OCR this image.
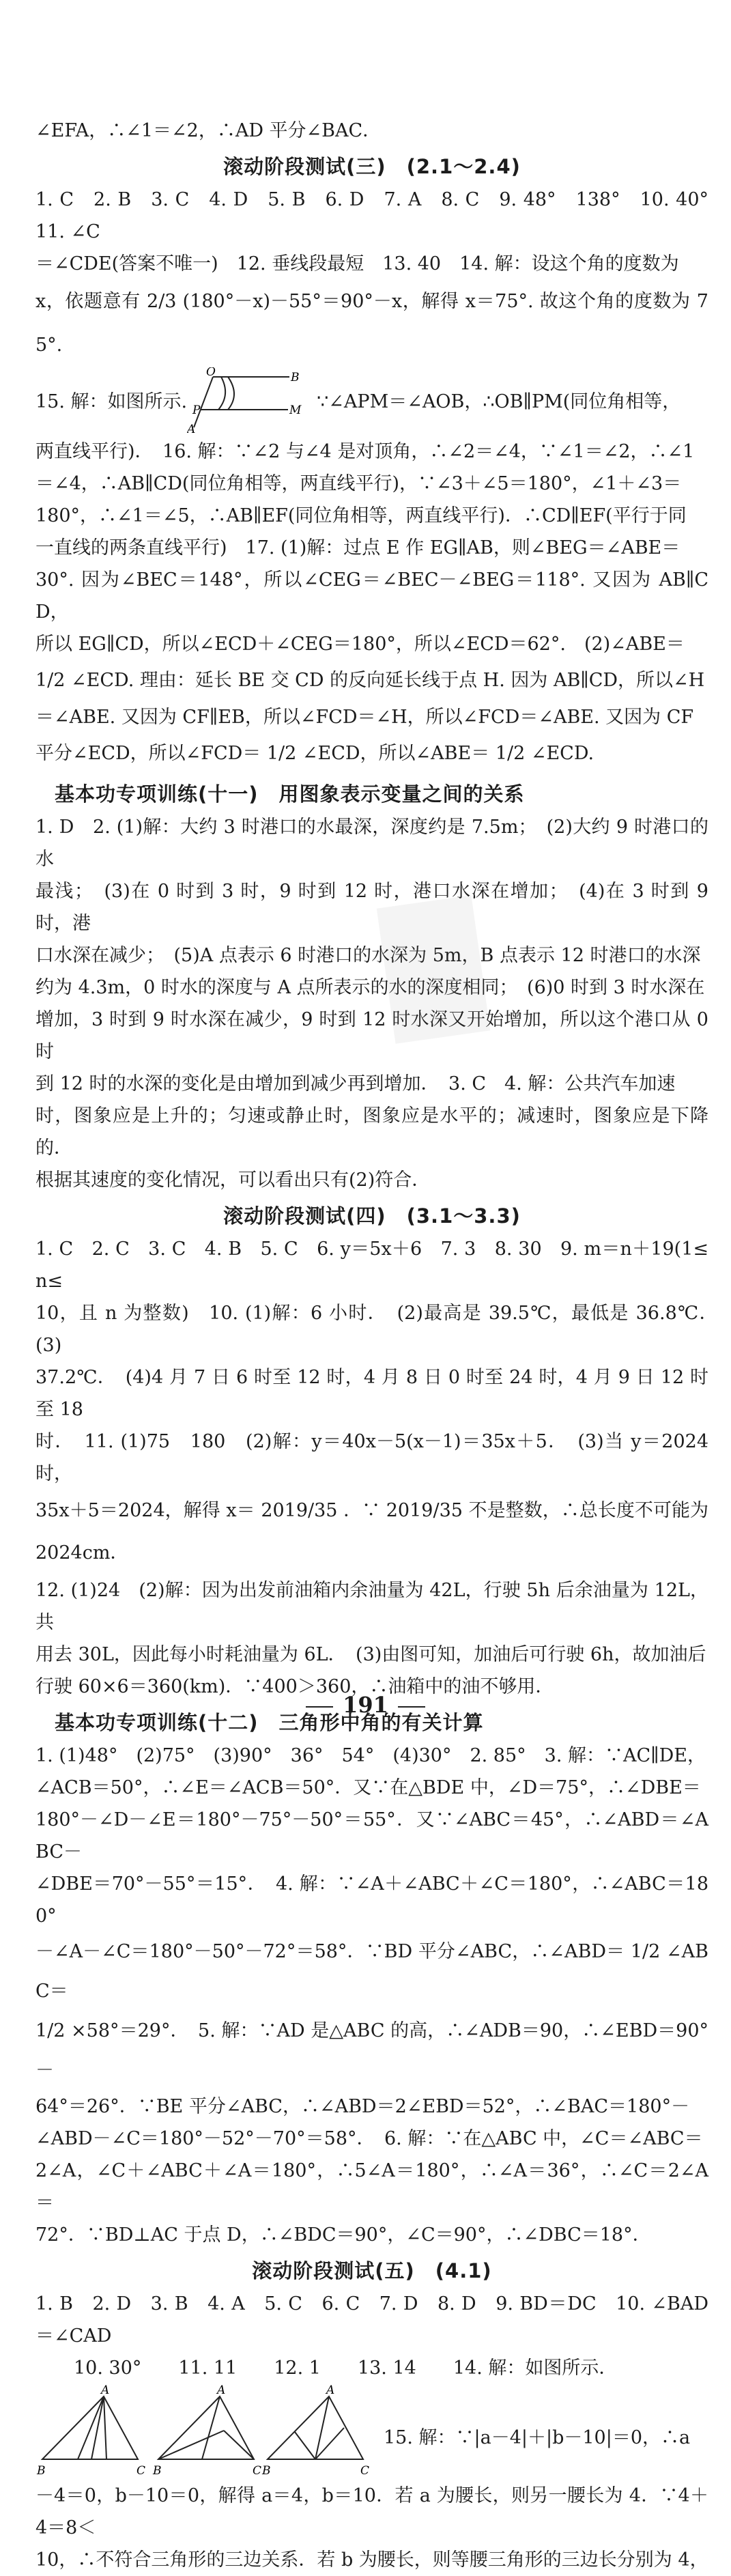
∠EFA，∴∠1＝∠2，∴AD 平分∠BAC．

滚动阶段测试(三)　(2.1～2.4)

1. C　2. B　3. C　4. D　5. B　6. D　7. A　8. C　9. 48°　138°　10. 40°　11. ∠C

＝∠CDE(答案不唯一)　12. 垂线段最短　13. 40　14. 解：设这个角的度数为

x，依题意有 2/3 (180°－x)－55°＝90°－x，解得 x＝75°. 故这个角的度数为 75°.

15. 解：如图所示.

O	B
A
P	M ∵∠APM＝∠AOB，∴OB∥PM(同位角相等，

两直线平行)．　16. 解：∵∠2 与∠4 是对顶角，∴∠2＝∠4，∵∠1＝∠2，∴∠1

＝∠4，∴AB∥CD(同位角相等，两直线平行)，∵∠3＋∠5＝180°，∠1＋∠3＝

180°，∴∠1＝∠5，∴AB∥EF(同位角相等，两直线平行)．∴CD∥EF(平行于同

一直线的两条直线平行)　17. (1)解：过点 E 作 EG∥AB，则∠BEG＝∠ABE＝

30°. 因为∠BEC＝148°，所以∠CEG＝∠BEC－∠BEG＝118°. 又因为 AB∥CD，

所以 EG∥CD，所以∠ECD＋∠CEG＝180°，所以∠ECD＝62°.　(2)∠ABE＝

1/2 ∠ECD. 理由：延长 BE 交 CD 的反向延长线于点 H. 因为 AB∥CD，所以∠H

＝∠ABE. 又因为 CF∥EB，所以∠FCD＝∠H，所以∠FCD＝∠ABE. 又因为 CF

平分∠ECD，所以∠FCD＝ 1/2 ∠ECD，所以∠ABE＝ 1/2 ∠ECD.

基本功专项训练(十一)　用图象表示变量之间的关系

1. D　2. (1)解：大约 3 时港口的水最深，深度约是 7.5m；　(2)大约 9 时港口的水

最浅；　(3)在 0 时到 3 时，9 时到 12 时，港口水深在增加；　(4)在 3 时到 9 时，港

口水深在减少；　(5)A 点表示 6 时港口的水深为 5m，B 点表示 12 时港口的水深

约为 4.3m，0 时水的深度与 A 点所表示的水的深度相同；　(6)0 时到 3 时水深在

增加，3 时到 9 时水深在减少，9 时到 12 时水深又开始增加，所以这个港口从 0 时

到 12 时的水深的变化是由增加到减少再到增加．　3. C　4. 解：公共汽车加速

时，图象应是上升的；匀速或静止时，图象应是水平的；减速时，图象应是下降的．

根据其速度的变化情况，可以看出只有(2)符合．

滚动阶段测试(四)　(3.1～3.3)

1. C　2. C　3. C　4. B　5. C　6. y＝5x＋6　7. 3　8. 30　9. m＝n＋19(1≤n≤

10，且 n 为整数)　10. (1)解：6 小时．　(2)最高是 39.5℃，最低是 36.8℃．　(3)

37.2℃．　(4)4 月 7 日 6 时至 12 时，4 月 8 日 0 时至 24 时，4 月 9 日 12 时至 18

时．　11. (1)75　180　(2)解：y＝40x－5(x－1)＝35x＋5．　(3)当 y＝2024 时，

35x＋5＝2024，解得 x＝ 2019/35 ．∵ 2019/35 不是整数，∴总长度不可能为 2024cm．

12. (1)24　(2)解：因为出发前油箱内余油量为 42L，行驶 5h 后余油量为 12L，共

用去 30L，因此每小时耗油量为 6L．　(3)由图可知，加油后可行驶 6h，故加油后

行驶 60×6＝360(km)．∵400＞360，∴油箱中的油不够用．

基本功专项训练(十二)　三角形中角的有关计算

1. (1)48°　(2)75°　(3)90°　36°　54°　(4)30°　2. 85°　3. 解：∵AC∥DE，

∠ACB＝50°，∴∠E＝∠ACB＝50°．又∵在△BDE 中，∠D＝75°，∴∠DBE＝

180°－∠D－∠E＝180°－75°－50°＝55°．又∵∠ABC＝45°，∴∠ABD＝∠ABC－

∠DBE＝70°－55°＝15°．　4. 解：∵∠A＋∠ABC＋∠C＝180°，∴∠ABC＝180°

－∠A－∠C＝180°－50°－72°＝58°．∵BD 平分∠ABC，∴∠ABD＝ 1/2 ∠ABC＝

1/2 ×58°＝29°．　5. 解：∵AD 是△ABC 的高，∴∠ADB＝90，∴∠EBD＝90°－

64°＝26°．∵BE 平分∠ABC，∴∠ABD＝2∠EBD＝52°，∴∠BAC＝180°－

∠ABD－∠C＝180°－52°－70°＝58°．　6. 解：∵在△ABC 中，∠C＝∠ABC＝

2∠A，∠C＋∠ABC＋∠A＝180°，∴5∠A＝180°，∴∠A＝36°，∴∠C＝2∠A＝

72°．∵BD⊥AC 于点 D，∴∠BDC＝90°，∠C＝90°，∴∠DBC＝18°．

滚动阶段测试(五)　(4.1)

1. B　2. D　3. B　4. A　5. C　6. C　7. D　8. D　9. BD＝DC　10. ∠BAD＝∠CAD

10. 30°　　11. 11　　12. 1　　13. 14　　14. 解：如图所示．

A
B	C
A
B	C
A
B	C

15. 解：∵|a－4|＋|b－10|＝0，∴a

－4＝0，b－10＝0，解得 a＝4，b＝10．若 a 为腰长，则另一腰长为 4．∵4＋4＝8＜

10，∴不符合三角形的三边关系．若 b 为腰长，则等腰三角形的三边长分别为 4，

191
